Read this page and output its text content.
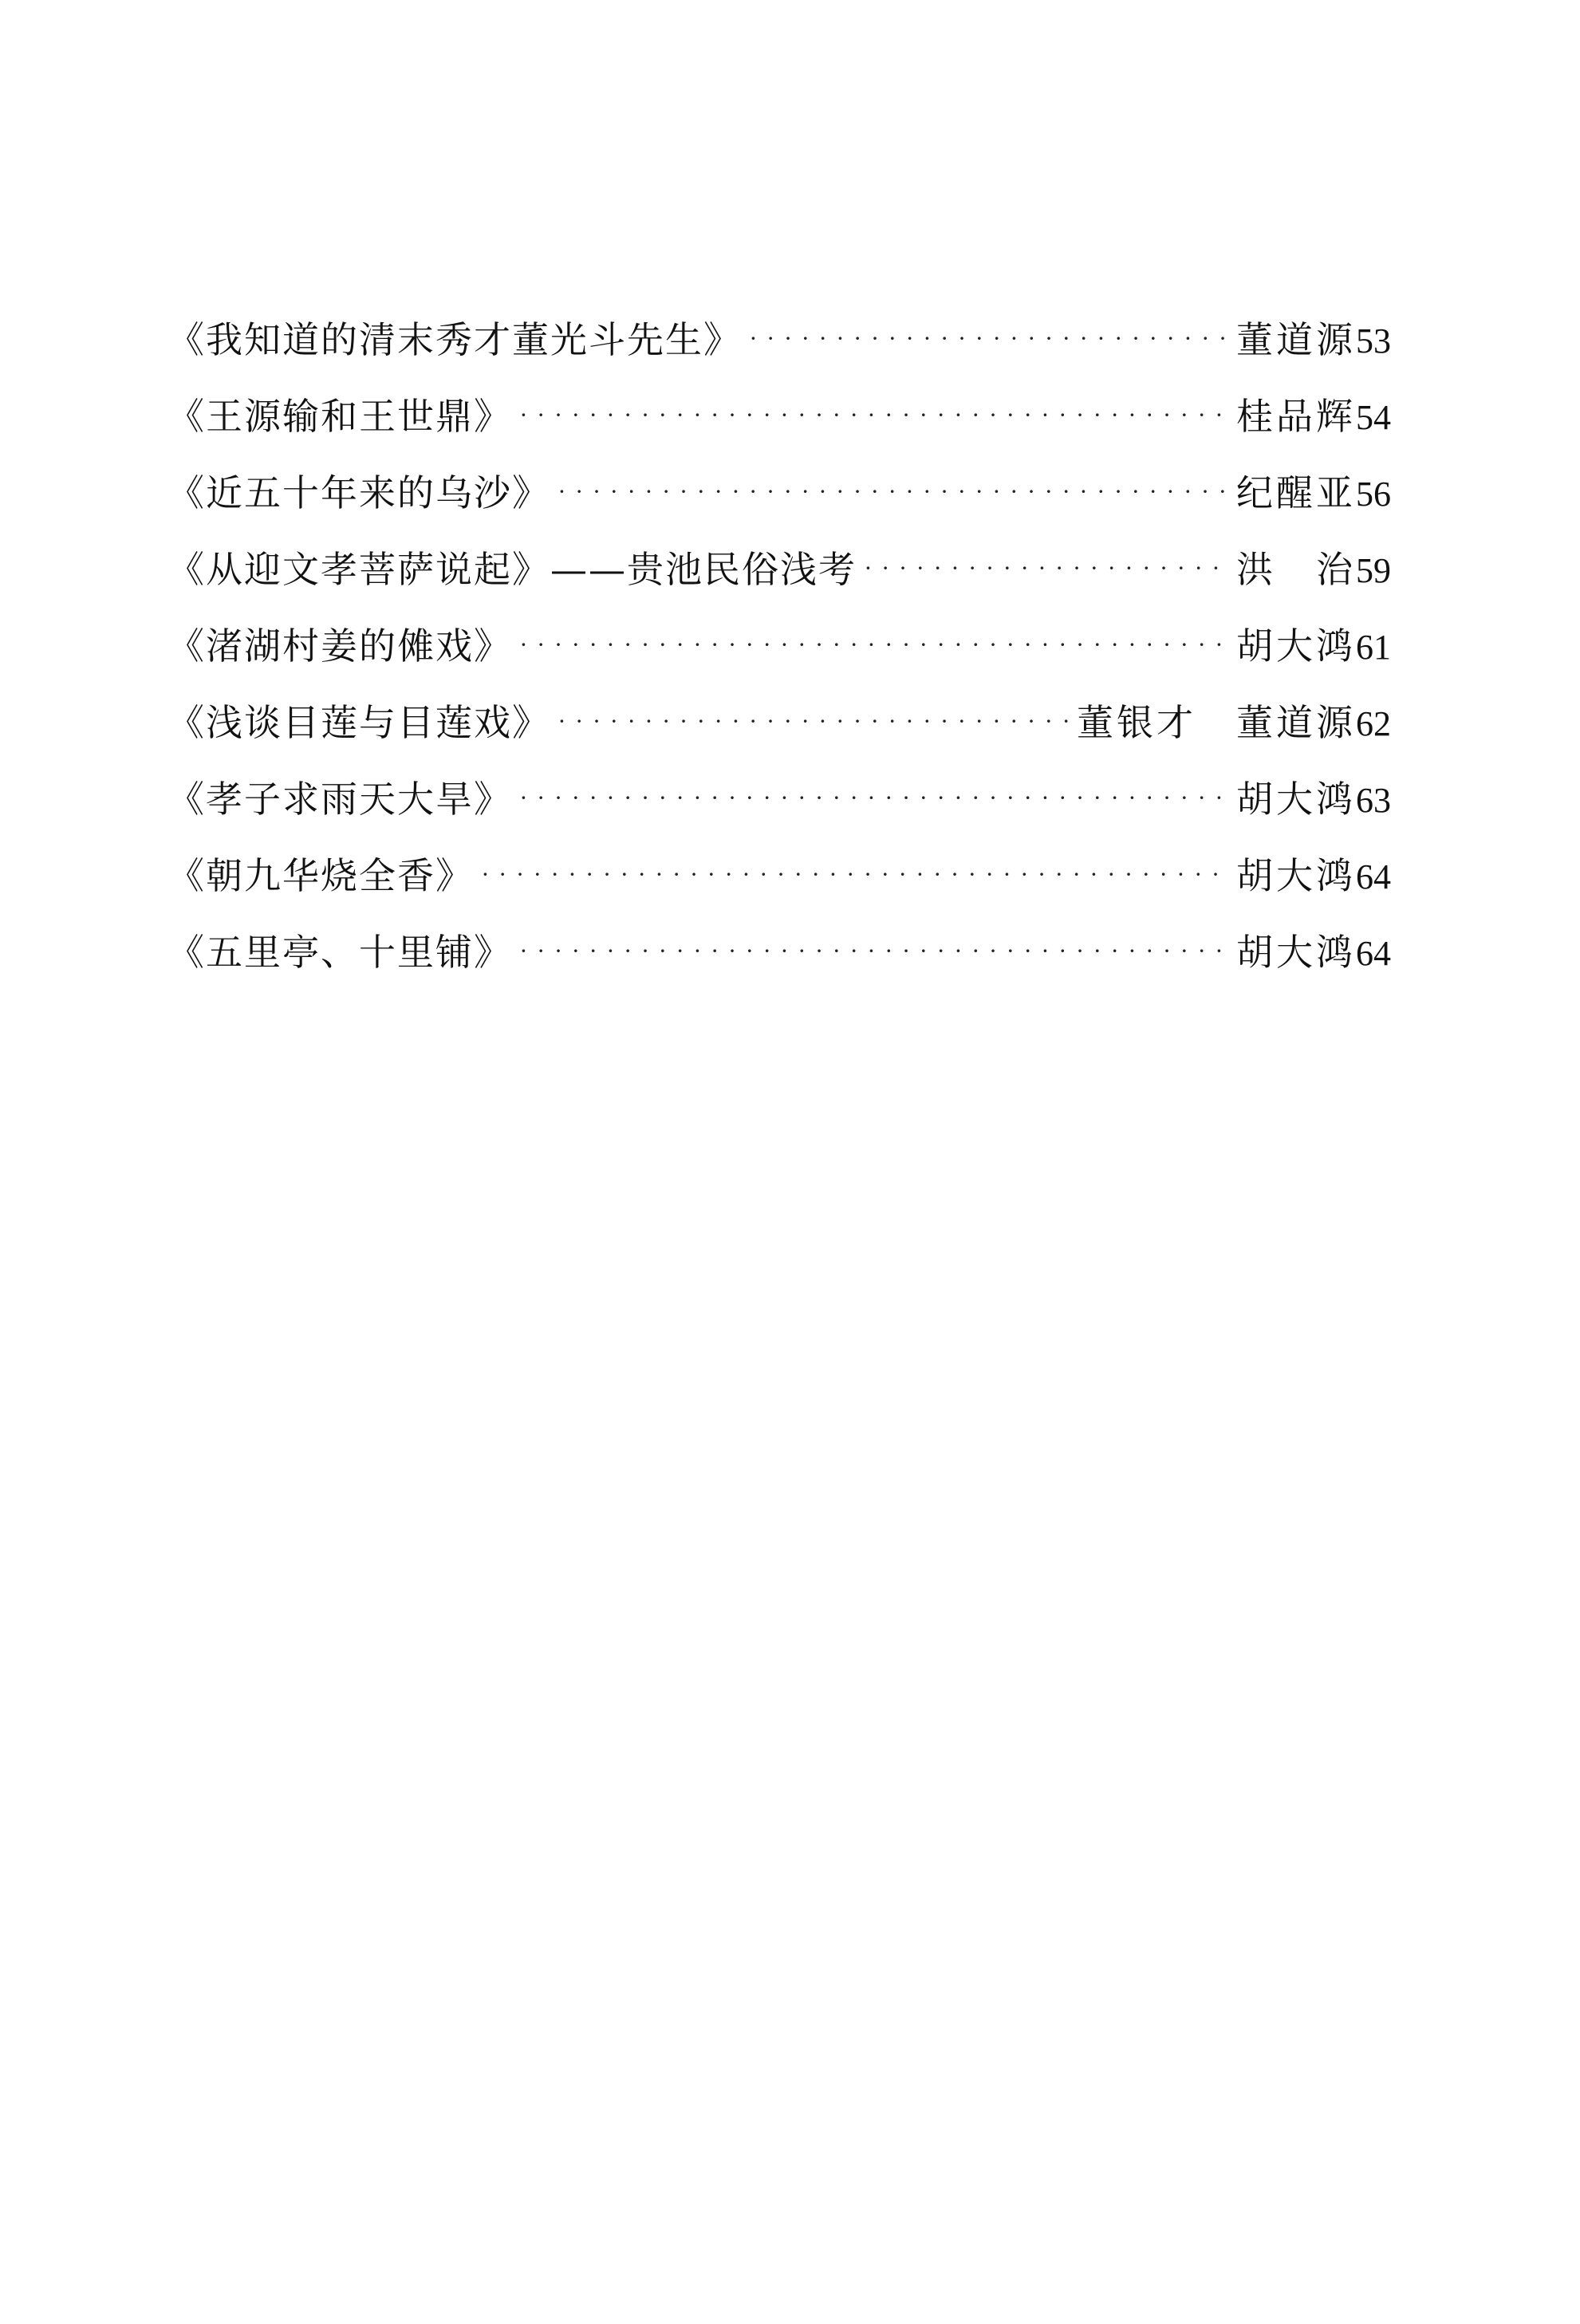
《我知道的清末秀才董光斗先生》 · · ·	董道源 53
《王源输和王世鼎》 · · ·	桂品辉 54
《近五十年来的乌沙》 · · ·	纪醒亚 56
《从迎文孝菩萨说起》——贵池民俗浅考 · · ·	洪　治 59
《渚湖村姜的傩戏》 · · ·	胡大鸿 61
《浅谈目莲与目莲戏》 · · ·	董银才 董道源 62
《孝子求雨天大旱》 · · ·	胡大鸿 63
《朝九华烧全香》 · · ·	胡大鸿 64
《五里亭、十里铺》 · · ·	胡大鸿 64
